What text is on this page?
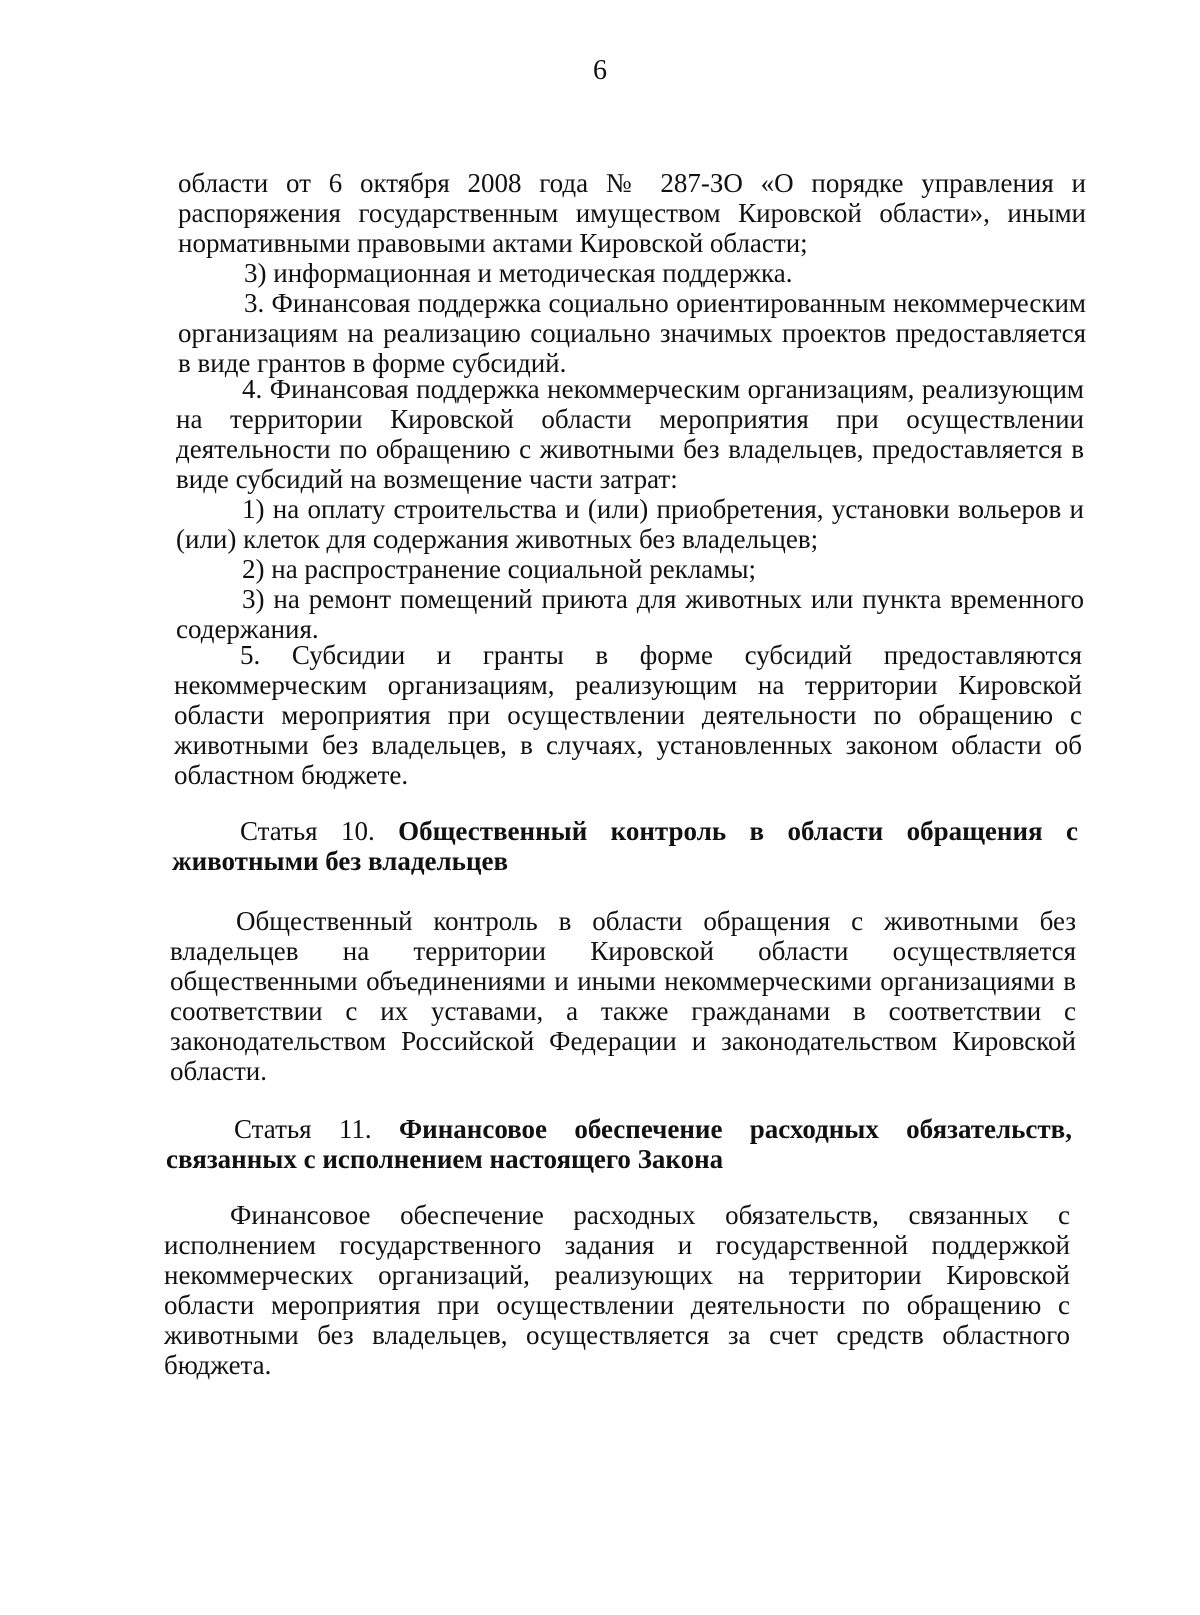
6

области от 6 октября 2008 года № 287-ЗО «О порядке управления и распоряжения государственным имуществом Кировской области», иными нормативными правовыми актами Кировской области;

3) информационная и методическая поддержка.

3. Финансовая поддержка социально ориентированным некоммерческим организациям на реализацию социально значимых проектов предоставляется в виде грантов в форме субсидий.

4. Финансовая поддержка некоммерческим организациям, реализующим на территории Кировской области мероприятия при осуществлении деятельности по обращению с животными без владельцев, предоставляется в виде субсидий на возмещение части затрат:

1) на оплату строительства и (или) приобретения, установки вольеров и (или) клеток для содержания животных без владельцев;

2) на распространение социальной рекламы;

3) на ремонт помещений приюта для животных или пункта временного содержания.

5. Субсидии и гранты в форме субсидий предоставляются некоммерческим организациям, реализующим на территории Кировской области мероприятия при осуществлении деятельности по обращению с животными без владельцев, в случаях, установленных законом области об областном бюджете.

Статья 10. Общественный контроль в области обращения с животными без владельцев

Общественный контроль в области обращения с животными без владельцев на территории Кировской области осуществляется общественными объединениями и иными некоммерческими организациями в соответствии с их уставами, а также гражданами в соответствии с законодательством Российской Федерации и законодательством Кировской области.

Статья 11. Финансовое обеспечение расходных обязательств, связанных с исполнением настоящего Закона

Финансовое обеспечение расходных обязательств, связанных с исполнением государственного задания и государственной поддержкой некоммерческих организаций, реализующих на территории Кировской области мероприятия при осуществлении деятельности по обращению с животными без владельцев, осуществляется за счет средств областного бюджета.
